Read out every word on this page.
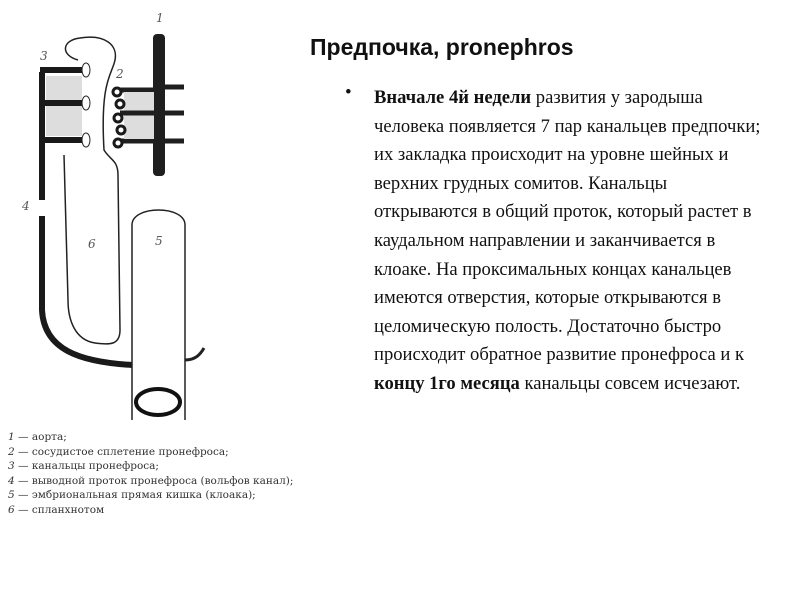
1
2
3
4
5
6
1 — аорта;
2 — сосудистое сплетение пронефроса;
3 — канальцы пронефроса;
4 — выводной проток пронефроса (вольфов канал);
5 — эмбриональная прямая кишка (клоака);
6 — спланхнотом
Предпочка, pronephros
• Вначале 4й недели развития у зародыша человека появляется 7 пар канальцев предпочки; их закладка происходит на уровне шейных и верхних грудных сомитов. Канальцы открываются в общий проток, который растет в каудальном направлении и заканчивается в клоаке. На проксимальных концах канальцев имеются отверстия, которые открываются в целомическую полость. Достаточно быстро происходит обратное развитие пронефроса и к концу 1го месяца канальцы совсем исчезают.
